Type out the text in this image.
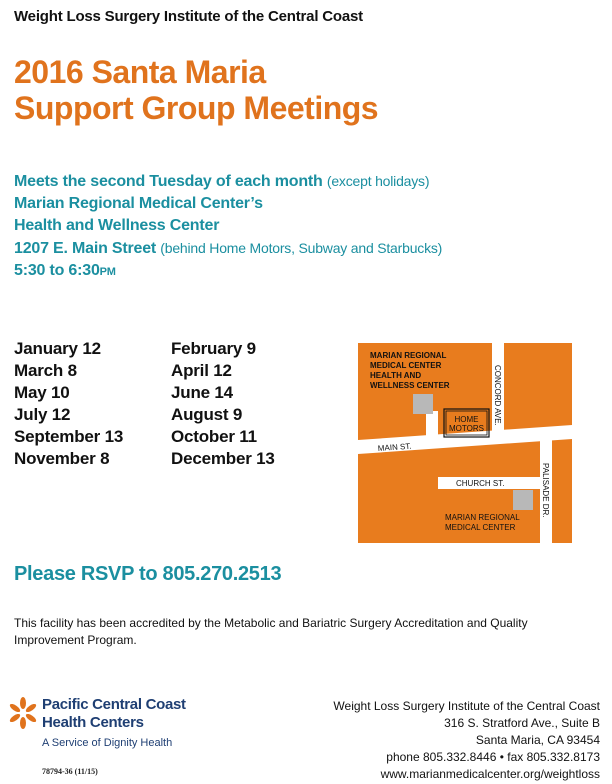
Weight Loss Surgery Institute of the Central Coast
2016 Santa Maria
Support Group Meetings
Meets the second Tuesday of each month (except holidays)
Marian Regional Medical Center’s
Health and Wellness Center
1207 E. Main Street (behind Home Motors, Subway and Starbucks)
5:30 to 6:30PM
January 12
March 8
May 10
July 12
September 13
November 8
February 9
April 12
June 14
August 9
October 11
December 13
MARIAN REGIONAL
MEDICAL CENTER
HEALTH AND
WELLNESS CENTER
HOME
MOTORS
CONCORD AVE.
MAIN ST.
CHURCH ST.	PALISADE DR.
MARIAN REGIONAL
MEDICAL CENTER
Please RSVP to 805.270.2513
This facility has been accredited by the Metabolic and Bariatric Surgery Accreditation and Quality Improvement Program.
Pacific Central Coast
Health Centers
A Service of Dignity Health
78794-36 (11/15)
Weight Loss Surgery Institute of the Central Coast
316 S. Stratford Ave., Suite B
Santa Maria, CA 93454
phone 805.332.8446 • fax 805.332.8173
www.marianmedicalcenter.org/weightloss
